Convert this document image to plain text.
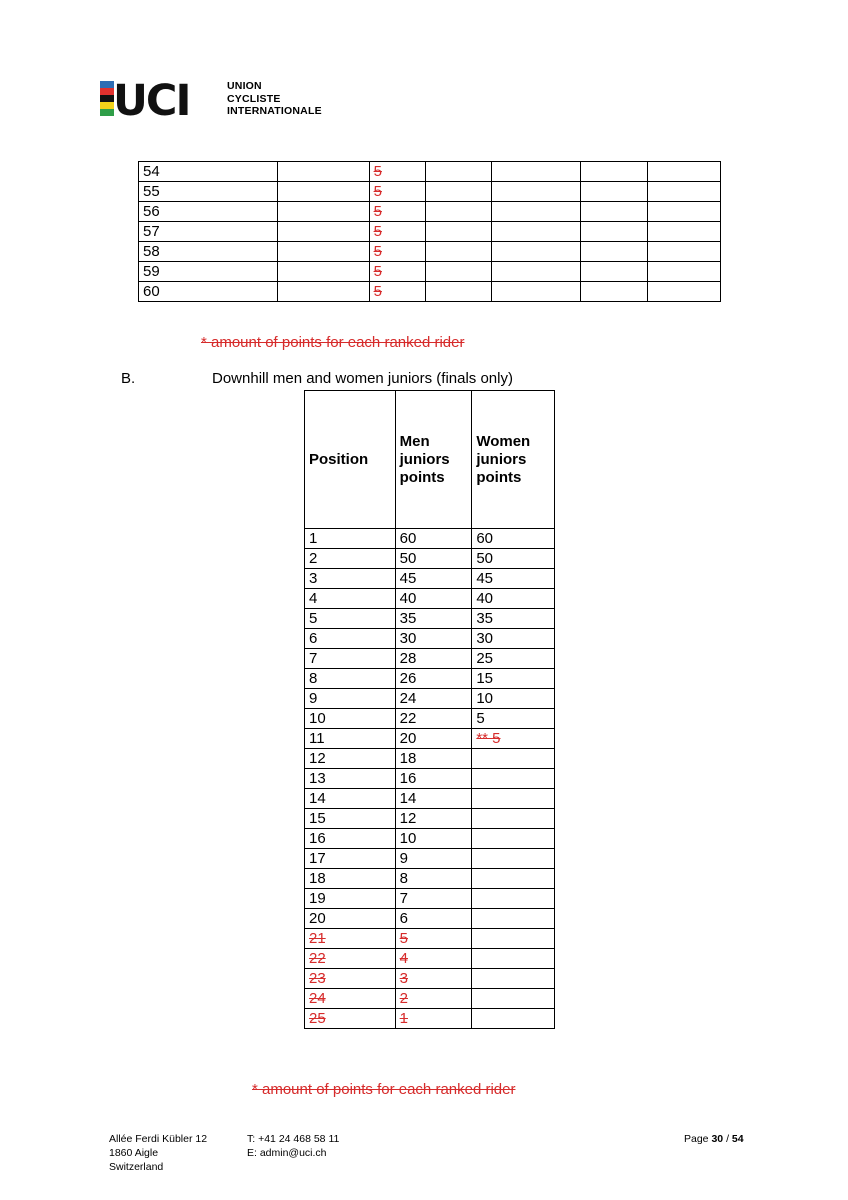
UCI	UNION
CYCLISTE
INTERNATIONALE
54		5				
55		5				
56		5				
57		5				
58		5				
59		5				
60		5				
* amount of points for each ranked rider
B.	Downhill men and women juniors (finals only)
Position	Men juniors points	Women juniors points
1	60	60
2	50	50
3	45	45
4	40	40
5	35	35
6	30	30
7	28	25
8	26	15
9	24	10
10	22	5
11	20	** 5
12	18	
13	16	
14	14	
15	12	
16	10	
17	9	
18	8	
19	7	
20	6	
21	5	
22	4	
23	3	
24	2	
25	1	
* amount of points for each ranked rider
Allée Ferdi Kübler 12
1860 Aigle
Switzerland
T: +41 24 468 58 11
E: admin@uci.ch
Page 30 / 54
